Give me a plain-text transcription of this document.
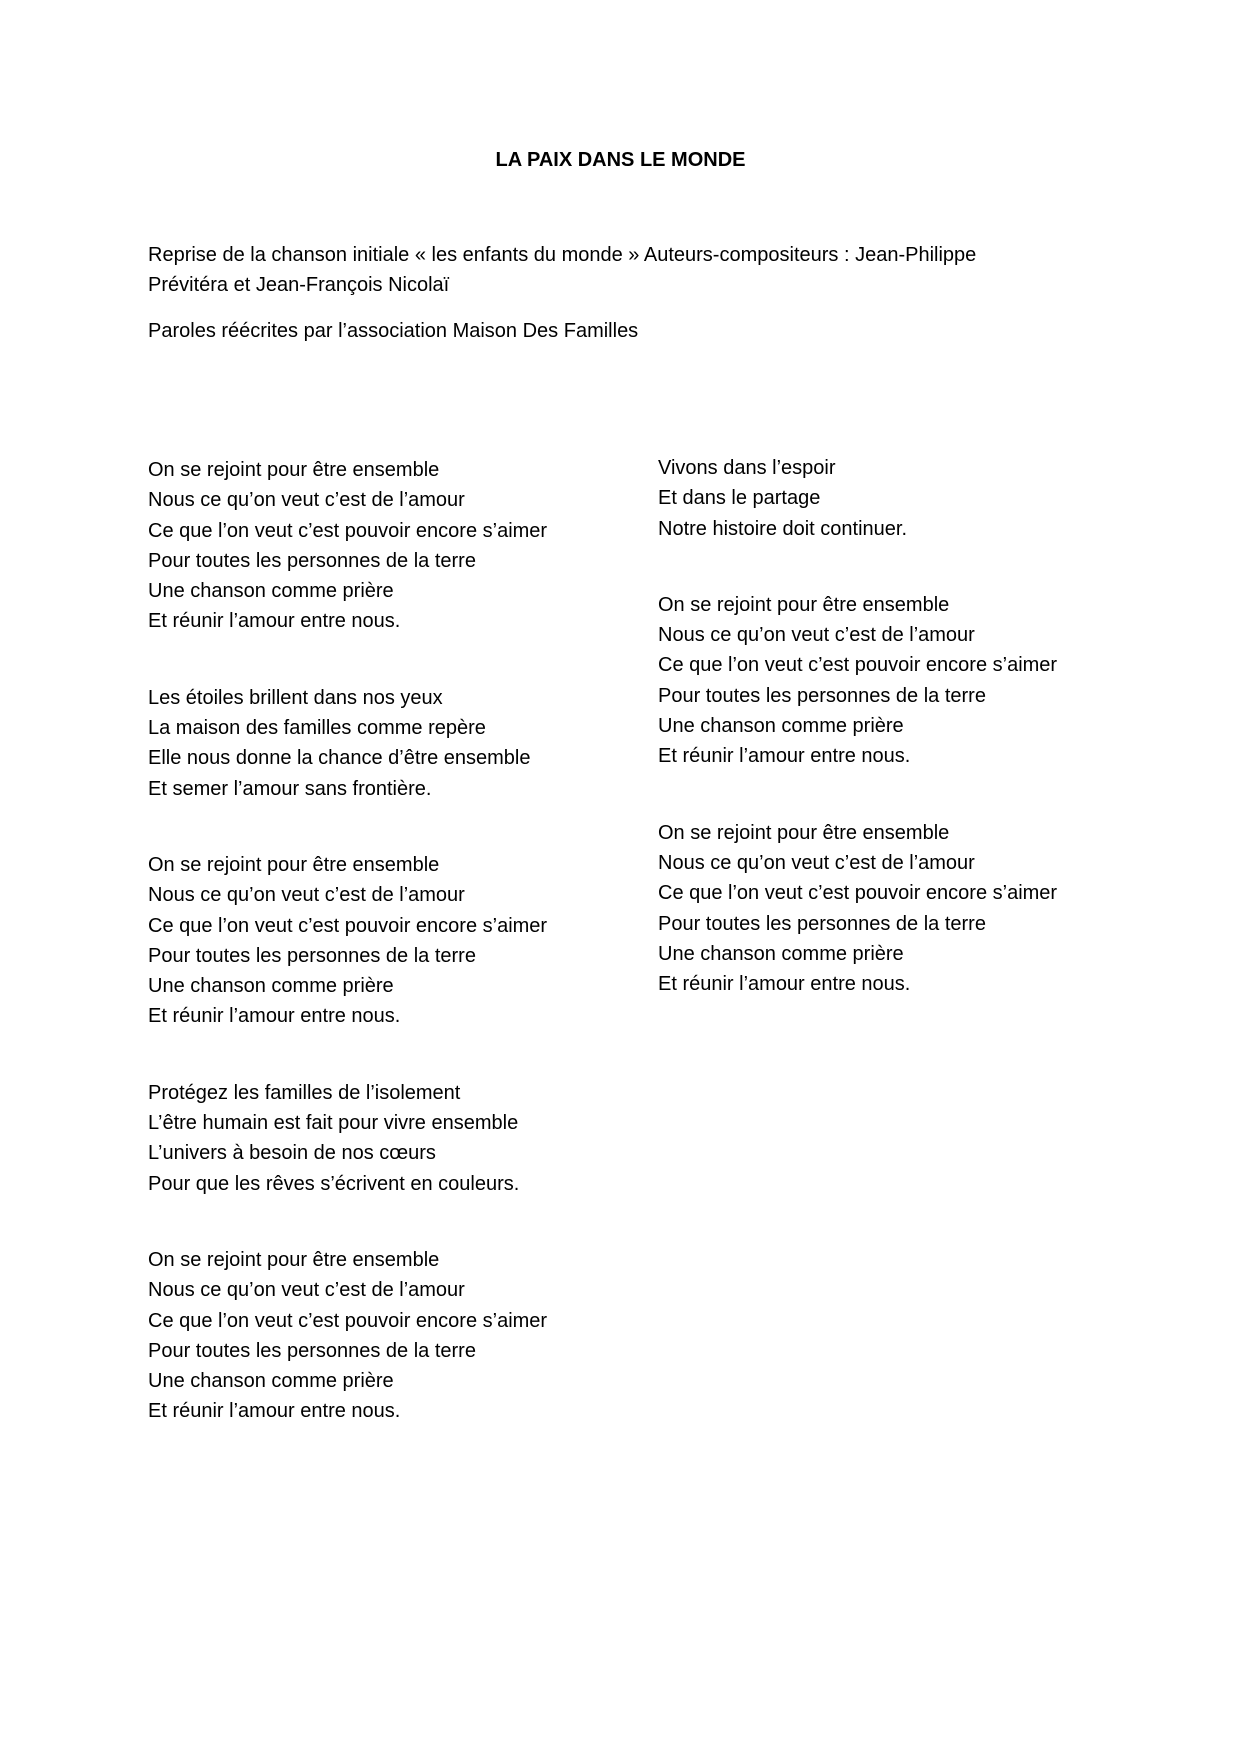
LA PAIX DANS LE MONDE

Reprise de la chanson initiale « les enfants du monde » Auteurs-compositeurs : Jean-Philippe Prévitéra et Jean-François Nicolaï

Paroles réécrites par l’association Maison Des Familles

On se rejoint pour être ensemble
Nous ce qu’on veut c’est de l’amour
Ce que l’on veut c’est pouvoir encore s’aimer
Pour toutes les personnes de la terre
Une chanson comme prière
Et réunir l’amour entre nous.
Les étoiles brillent dans nos yeux
La maison des familles comme repère
Elle nous donne la chance d’être ensemble
Et semer l’amour sans frontière.
On se rejoint pour être ensemble
Nous ce qu’on veut c’est de l’amour
Ce que l’on veut c’est pouvoir encore s’aimer
Pour toutes les personnes de la terre
Une chanson comme prière
Et réunir l’amour entre nous.
Protégez les familles de l’isolement
L’être humain est fait pour vivre ensemble
L’univers à besoin de nos cœurs
Pour que les rêves s’écrivent en couleurs.
On se rejoint pour être ensemble
Nous ce qu’on veut c’est de l’amour
Ce que l’on veut c’est pouvoir encore s’aimer
Pour toutes les personnes de la terre
Une chanson comme prière
Et réunir l’amour entre nous.
Vivons dans l’espoir
Et dans le partage
Notre histoire doit continuer.
On se rejoint pour être ensemble
Nous ce qu’on veut c’est de l’amour
Ce que l’on veut c’est pouvoir encore s’aimer
Pour toutes les personnes de la terre
Une chanson comme prière
Et réunir l’amour entre nous.
On se rejoint pour être ensemble
Nous ce qu’on veut c’est de l’amour
Ce que l’on veut c’est pouvoir encore s’aimer
Pour toutes les personnes de la terre
Une chanson comme prière
Et réunir l’amour entre nous.
